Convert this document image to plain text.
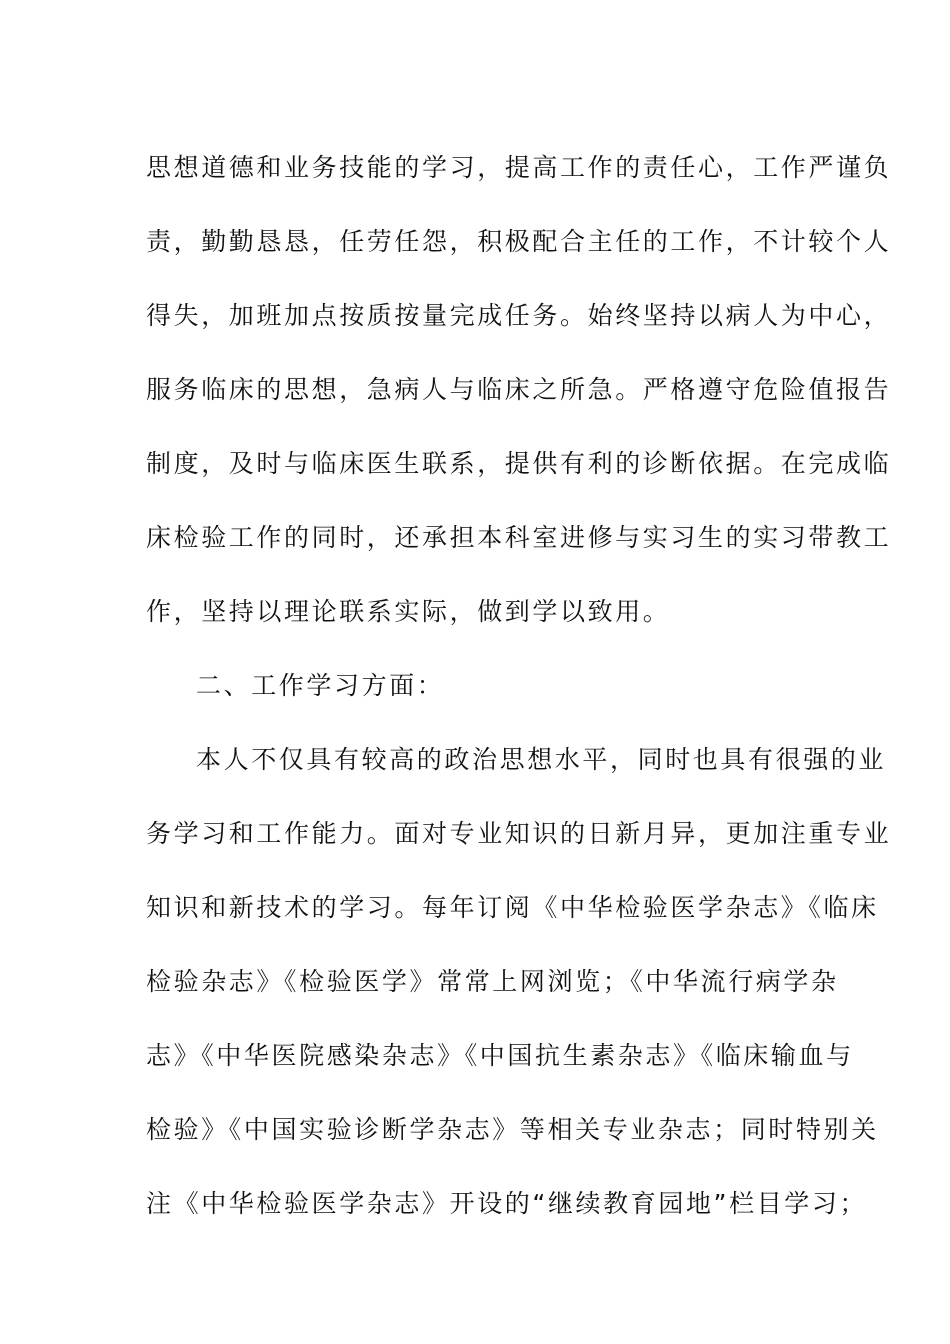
思想道德和业务技能的学习，提高工作的责任心，工作严谨负
责，勤勤恳恳，任劳任怨，积极配合主任的工作，不计较个人
得失，加班加点按质按量完成任务。始终坚持以病人为中心，
服务临床的思想，急病人与临床之所急。严格遵守危险值报告
制度，及时与临床医生联系，提供有利的诊断依据。在完成临
床检验工作的同时，还承担本科室进修与实习生的实习带教工
作，坚持以理论联系实际，做到学以致用。
二、工作学习方面：
本人不仅具有较高的政治思想水平，同时也具有很强的业
务学习和工作能力。面对专业知识的日新月异，更加注重专业
知识和新技术的学习。每年订阅《中华检验医学杂志》《临床
检验杂志》《检验医学》常常上网浏览；《中华流行病学杂
志》《中华医院感染杂志》《中国抗生素杂志》《临床输血与
检验》《中国实验诊断学杂志》等相关专业杂志；同时特别关
注《中华检验医学杂志》开设的“继续教育园地”栏目学习；
